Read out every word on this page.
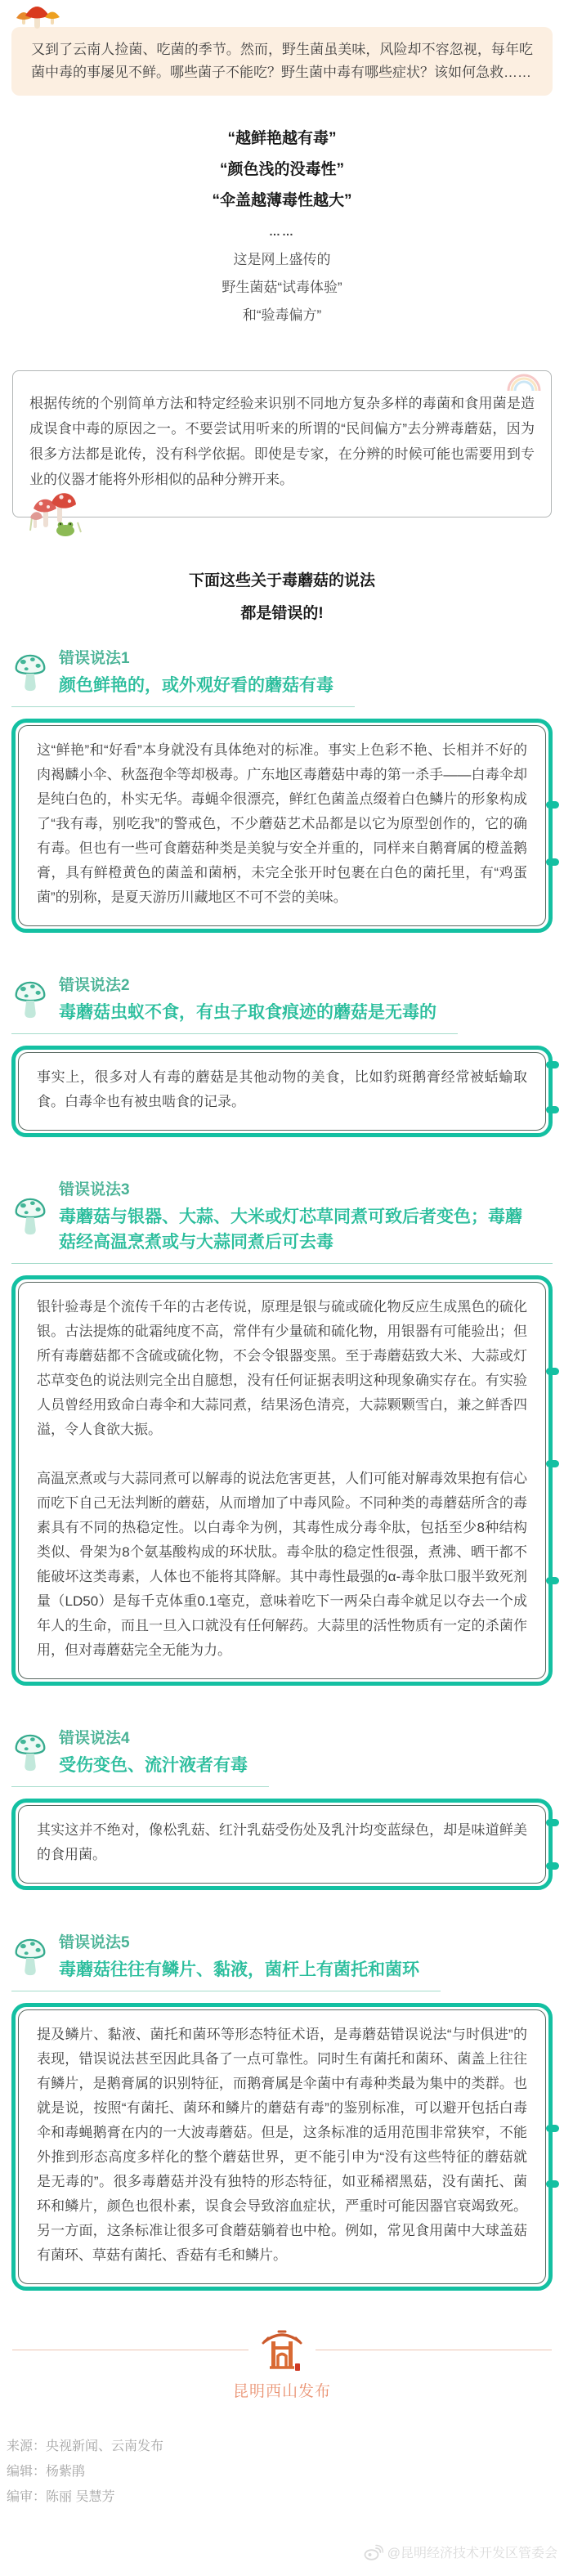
又到了云南人捡菌、吃菌的季节。然而，野生菌虽美味，风险却不容忽视，每年吃菌中毒的事屡见不鲜。哪些菌子不能吃？野生菌中毒有哪些症状？该如何急救……
“越鲜艳越有毒”
“颜色浅的没毒性”
“伞盖越薄毒性越大”
……
这是网上盛传的
野生菌菇“试毒体验”
和“验毒偏方”
根据传统的个别简单方法和特定经验来识别不同地方复杂多样的毒菌和食用菌是造成误食中毒的原因之一。不要尝试用听来的所谓的“民间偏方”去分辨毒蘑菇，因为很多方法都是讹传，没有科学依据。即使是专家，在分辨的时候可能也需要用到专业的仪器才能将外形相似的品种分辨开来。
下面这些关于毒蘑菇的说法
都是错误的!
错误说法1
颜色鲜艳的，或外观好看的蘑菇有毒

这“鲜艳”和“好看”本身就没有具体绝对的标准。事实上色彩不艳、长相并不好的肉褐麟小伞、秋盔孢伞等却极毒。广东地区毒蘑菇中毒的第一杀手——白毒伞却是纯白色的，朴实无华。毒蝇伞很漂亮，鲜红色菌盖点缀着白色鳞片的形象构成了“我有毒，别吃我”的警戒色，不少蘑菇艺术品都是以它为原型创作的，它的确有毒。但也有一些可食蘑菇种类是美貌与安全并重的，同样来自鹅膏属的橙盖鹅膏，具有鲜橙黄色的菌盖和菌柄，未完全张开时包裹在白色的菌托里，有“鸡蛋菌”的别称，是夏天游历川藏地区不可不尝的美味。

错误说法2
毒蘑菇虫蚁不食，有虫子取食痕迹的蘑菇是无毒的

事实上，很多对人有毒的蘑菇是其他动物的美食，比如豹斑鹅膏经常被蛞蝓取食。白毒伞也有被虫啮食的记录。

错误说法3
毒蘑菇与银器、大蒜、大米或灯芯草同煮可致后者变色；毒蘑菇经高温烹煮或与大蒜同煮后可去毒

银针验毒是个流传千年的古老传说，原理是银与硫或硫化物反应生成黑色的硫化银。古法提炼的砒霜纯度不高，常伴有少量硫和硫化物，用银器有可能验出；但所有毒蘑菇都不含硫或硫化物，不会令银器变黑。至于毒蘑菇致大米、大蒜或灯芯草变色的说法则完全出自臆想，没有任何证据表明这种现象确实存在。有实验人员曾经用致命白毒伞和大蒜同煮，结果汤色清亮，大蒜颗颗雪白，兼之鲜香四溢，令人食欲大振。

高温烹煮或与大蒜同煮可以解毒的说法危害更甚，人们可能对解毒效果抱有信心而吃下自己无法判断的蘑菇，从而增加了中毒风险。不同种类的毒蘑菇所含的毒素具有不同的热稳定性。以白毒伞为例，其毒性成分毒伞肽，包括至少8种结构类似、骨架为8个氨基酸构成的环状肽。毒伞肽的稳定性很强，煮沸、晒干都不能破坏这类毒素，人体也不能将其降解。其中毒性最强的α-毒伞肽口服半致死剂量（LD50）是每千克体重0.1毫克，意味着吃下一两朵白毒伞就足以夺去一个成年人的生命，而且一旦入口就没有任何解药。大蒜里的活性物质有一定的杀菌作用，但对毒蘑菇完全无能为力。

错误说法4
受伤变色、流汁液者有毒

其实这并不绝对，像松乳菇、红汁乳菇受伤处及乳汁均变蓝绿色，却是味道鲜美的食用菌。

错误说法5
毒蘑菇往往有鳞片、黏液，菌杆上有菌托和菌环

提及鳞片、黏液、菌托和菌环等形态特征术语，是毒蘑菇错误说法“与时俱进”的表现，错误说法甚至因此具备了一点可靠性。同时生有菌托和菌环、菌盖上往往有鳞片，是鹅膏属的识别特征，而鹅膏属是伞菌中有毒种类最为集中的类群。也就是说，按照“有菌托、菌环和鳞片的蘑菇有毒”的鉴别标准，可以避开包括白毒伞和毒蝇鹅膏在内的一大波毒蘑菇。但是，这条标准的适用范围非常狭窄，不能外推到形态高度多样化的整个蘑菇世界，更不能引申为“没有这些特征的蘑菇就是无毒的”。很多毒蘑菇并没有独特的形态特征，如亚稀褶黑菇，没有菌托、菌环和鳞片，颜色也很朴素，误食会导致溶血症状，严重时可能因器官衰竭致死。另一方面，这条标准让很多可食蘑菇躺着也中枪。例如，常见食用菌中大球盖菇有菌环、草菇有菌托、香菇有毛和鳞片。

昆明西山发布
来源：央视新闻、云南发布
编辑：杨紫鹃
编审：陈丽 吴慧芳
@昆明经济技术开发区管委会
